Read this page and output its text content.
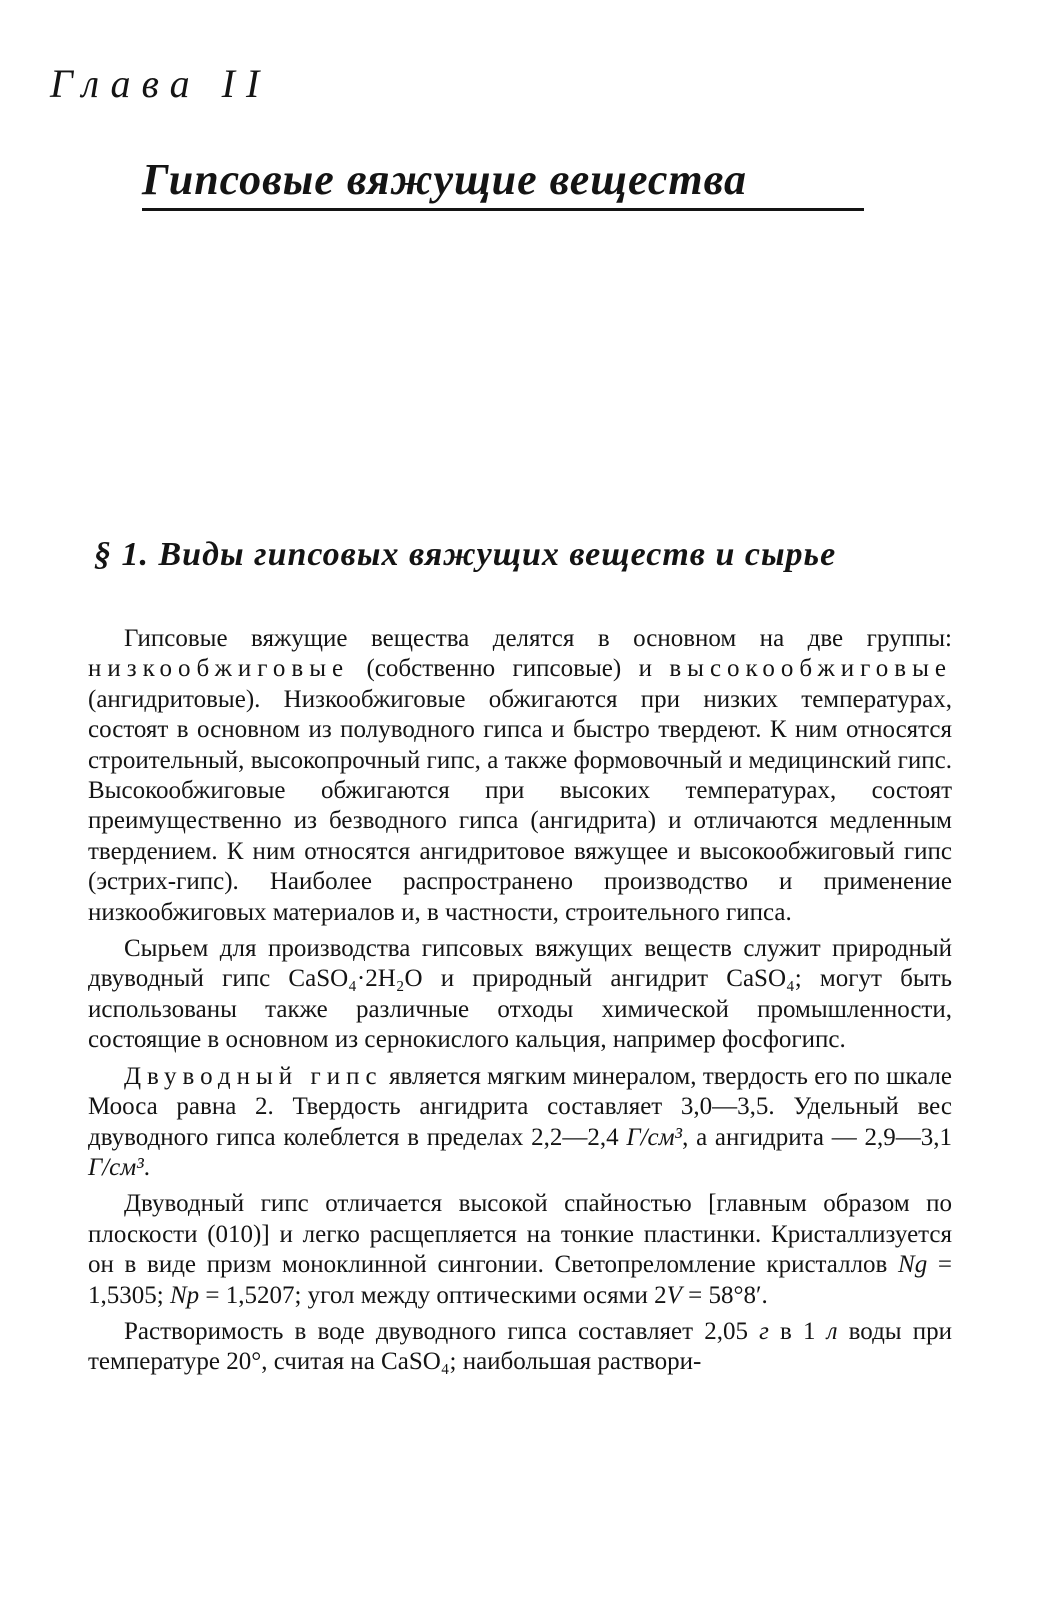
Глава II
Гипсовые вяжущие вещества
§ 1. Виды гипсовых вяжущих веществ и сырье

Гипсовые вяжущие вещества делятся в основном на две группы: низкообжиговые (собственно гипсовые) и высокообжиговые (ангидритовые). Низкообжиговые обжигаются при низких температурах, состоят в основном из полуводного гипса и быстро твердеют. К ним относятся строительный, высокопрочный гипс, а также формовочный и медицинский гипс. Высокообжиговые обжигаются при высоких температурах, состоят преимущественно из безводного гипса (ангидрита) и отличаются медленным твердением. К ним относятся ангидритовое вяжущее и высокообжиговый гипс (эстрих-гипс). Наиболее распространено производство и применение низкообжиговых материалов и, в частности, строительного гипса.

Сырьем для производства гипсовых вяжущих веществ служит природный двуводный гипс CaSO₄·2H₂O и природный ангидрит CaSO₄; могут быть использованы также различные отходы химической промышленности, состоящие в основном из сернокислого кальция, например фосфогипс.

Двуводный гипс является мягким минералом, твердость его по шкале Мооса равна 2. Твердость ангидрита составляет 3,0—3,5. Удельный вес двуводного гипса колеблется в пределах 2,2—2,4 Г/см³, а ангидрита — 2,9—3,1 Г/см³.

Двуводный гипс отличается высокой спайностью [главным образом по плоскости (010)] и легко расщепляется на тонкие пластинки. Кристаллизуется он в виде призм моноклинной сингонии. Светопреломление кристаллов Ng = 1,5305; Np = 1,5207; угол между оптическими осями 2V = 58°8′.

Растворимость в воде двуводного гипса составляет 2,05 г в 1 л воды при температуре 20°, считая на CaSO₄; наибольшая раствори-
